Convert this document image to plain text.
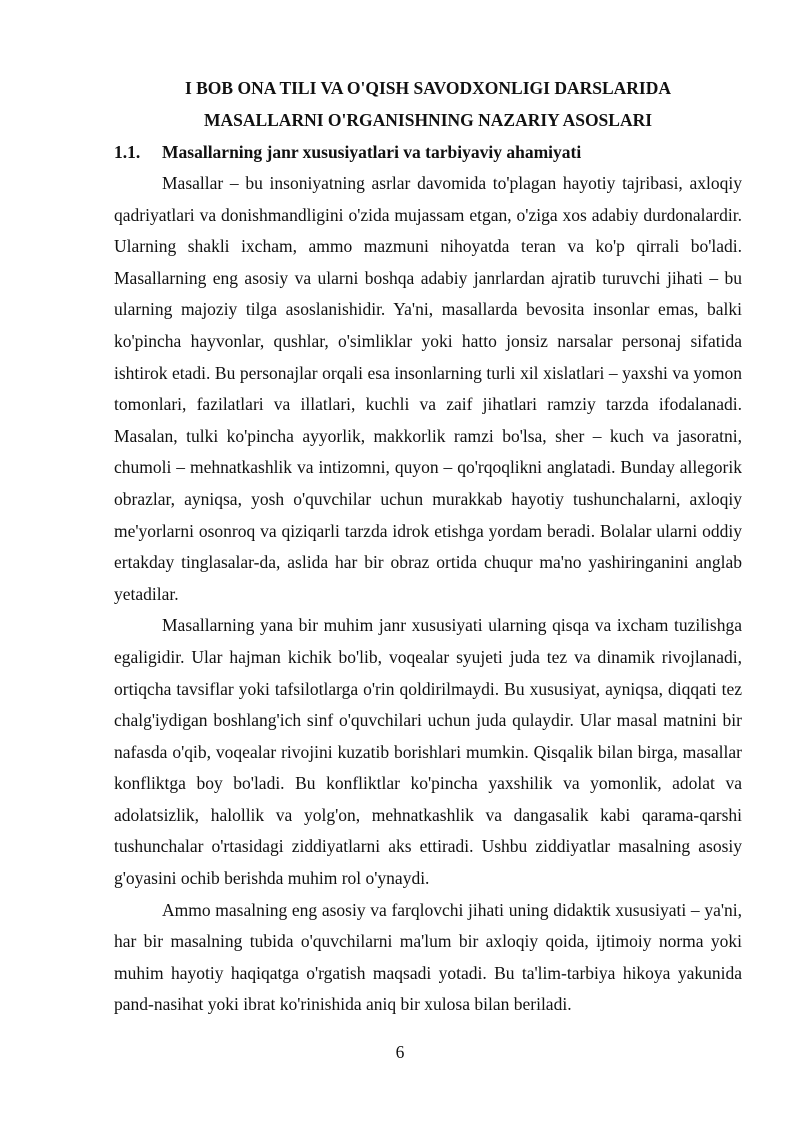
I BOB ONA TILI VA O'QISH SAVODXONLIGI DARSLARIDA
MASALLARNI O'RGANISHNING NAZARIY ASOSLARI
1.1.	Masallarning janr xususiyatlari va tarbiyaviy ahamiyati

Masallar – bu insoniyatning asrlar davomida to'plagan hayotiy tajribasi, axloqiy qadriyatlari va donishmandligini o'zida mujassam etgan, o'ziga xos adabiy durdonalardir. Ularning shakli ixcham, ammo mazmuni nihoyatda teran va ko'p qirrali bo'ladi. Masallarning eng asosiy va ularni boshqa adabiy janrlardan ajratib turuvchi jihati – bu ularning majoziy tilga asoslanishidir. Ya'ni, masallarda bevosita insonlar emas, balki ko'pincha hayvonlar, qushlar, o'simliklar yoki hatto jonsiz narsalar personaj sifatida ishtirok etadi. Bu personajlar orqali esa insonlarning turli xil xislatlari – yaxshi va yomon tomonlari, fazilatlari va illatlari, kuchli va zaif jihatlari ramziy tarzda ifodalanadi. Masalan, tulki ko'pincha ayyorlik, makkorlik ramzi bo'lsa, sher – kuch va jasoratni, chumoli – mehnatkashlik va intizomni, quyon – qo'rqoqlikni anglatadi. Bunday allegorik obrazlar, ayniqsa, yosh o'quvchilar uchun murakkab hayotiy tushunchalarni, axloqiy me'yorlarni osonroq va qiziqarli tarzda idrok etishga yordam beradi. Bolalar ularni oddiy ertakday tinglasalar-da, aslida har bir obraz ortida chuqur ma'no yashiringanini anglab yetadilar.

Masallarning yana bir muhim janr xususiyati ularning qisqa va ixcham tuzilishga egaligidir. Ular hajman kichik bo'lib, voqealar syujeti juda tez va dinamik rivojlanadi, ortiqcha tavsiflar yoki tafsilotlarga o'rin qoldirilmaydi. Bu xususiyat, ayniqsa, diqqati tez chalg'iydigan boshlang'ich sinf o'quvchilari uchun juda qulaydir. Ular masal matnini bir nafasda o'qib, voqealar rivojini kuzatib borishlari mumkin. Qisqalik bilan birga, masallar konfliktga boy bo'ladi. Bu konfliktlar ko'pincha yaxshilik va yomonlik, adolat va adolatsizlik, halollik va yolg'on, mehnatkashlik va dangasalik kabi qarama-qarshi tushunchalar o'rtasidagi ziddiyatlarni aks ettiradi. Ushbu ziddiyatlar masalning asosiy g'oyasini ochib berishda muhim rol o'ynaydi.

Ammo masalning eng asosiy va farqlovchi jihati uning didaktik xususiyati – ya'ni, har bir masalning tubida o'quvchilarni ma'lum bir axloqiy qoida, ijtimoiy norma yoki muhim hayotiy haqiqatga o'rgatish maqsadi yotadi. Bu ta'lim-tarbiya hikoya yakunida pand-nasihat yoki ibrat ko'rinishida aniq bir xulosa bilan beriladi.

6
